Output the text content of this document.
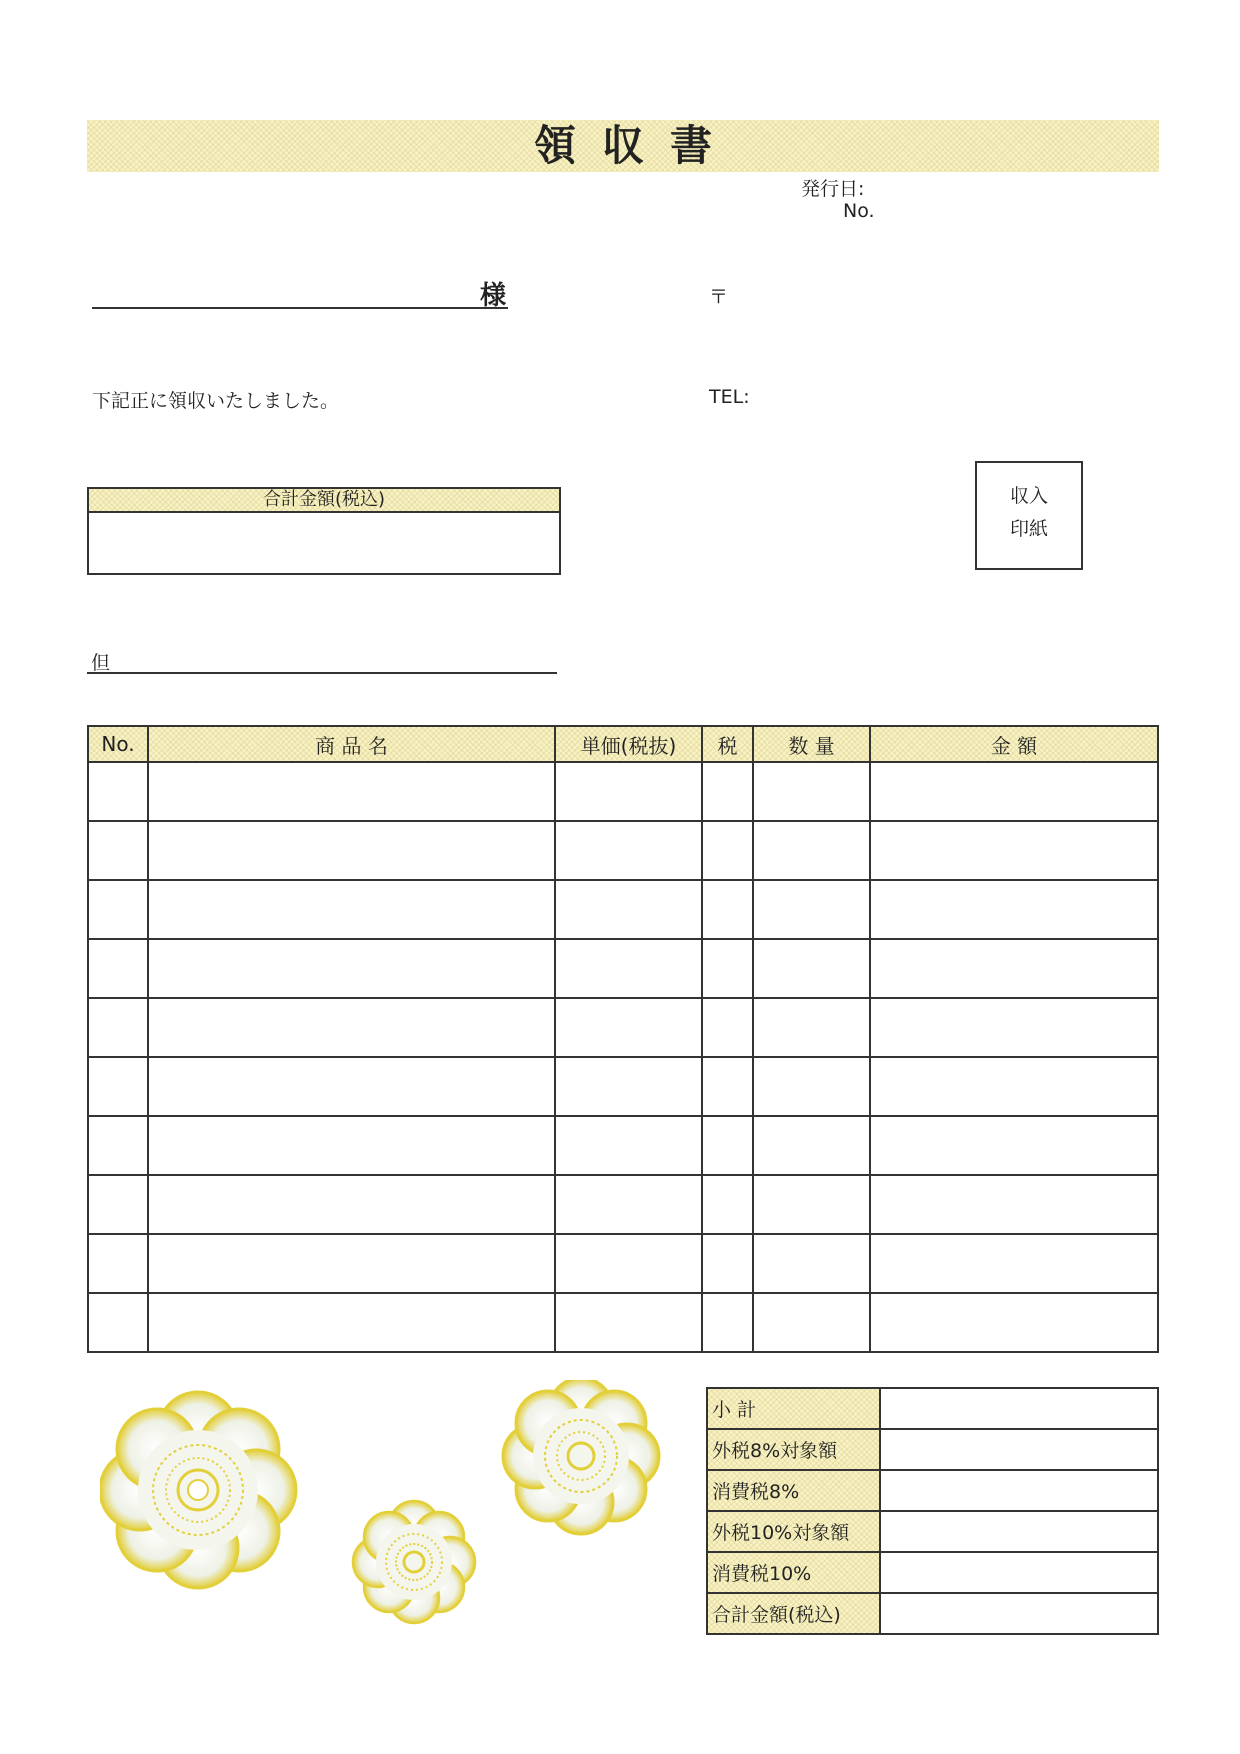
領収書
発行日:
No.
様	〒
下記正に領収いたしました。	TEL:
合計金額(税込)	収入
印紙
但
No.	商 品 名	単価(税抜)	税	数 量	金 額

小 計	
外税8%対象額	
消費税8%	
外税10%対象額	
消費税10%	
合計金額(税込)	
